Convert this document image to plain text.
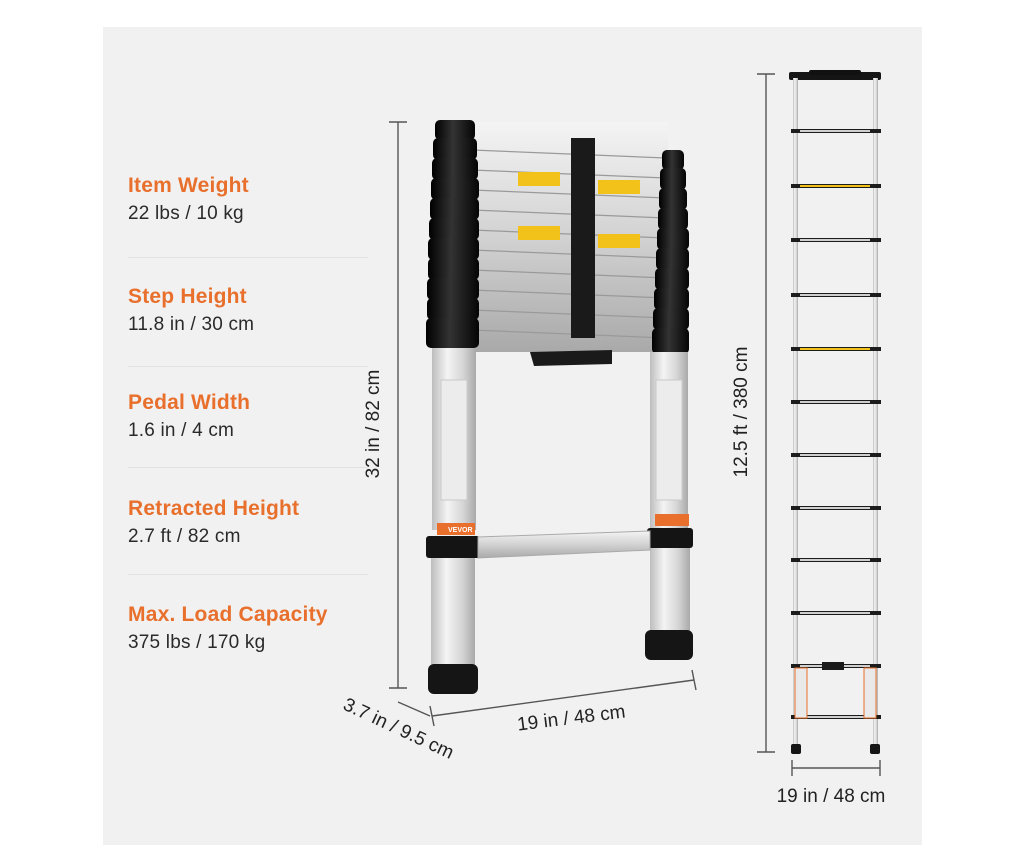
Item Weight
22 lbs / 10 kg
Step Height
11.8 in / 30 cm
Pedal Width
1.6 in / 4 cm
Retracted Height
2.7 ft / 82 cm
Max. Load Capacity
375 lbs / 170 kg
VEVOR
32 in / 82 cm
19 in / 48 cm
3.7 in / 9.5 cm
12.5 ft / 380 cm
19 in / 48 cm
